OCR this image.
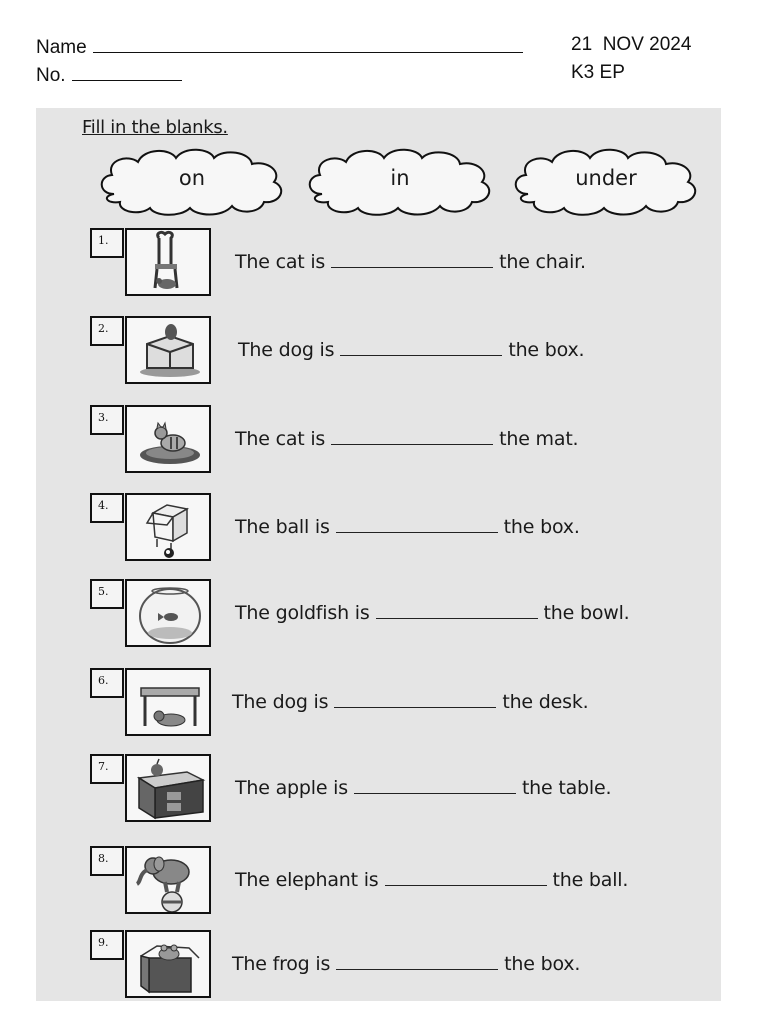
Name
No.
21  NOV 2024
K3 EP
Fill in the blanks.
on	in	under
1.
The cat is	the chair.
2.
The dog is	the box.
3.
The cat is	the mat.
4.
The ball is	the box.
5.
The goldfish is	the bowl.
6.
The dog is	the desk.
7.
The apple is	the table.
8.
The elephant is	the ball.
9.
The frog is	the box.
